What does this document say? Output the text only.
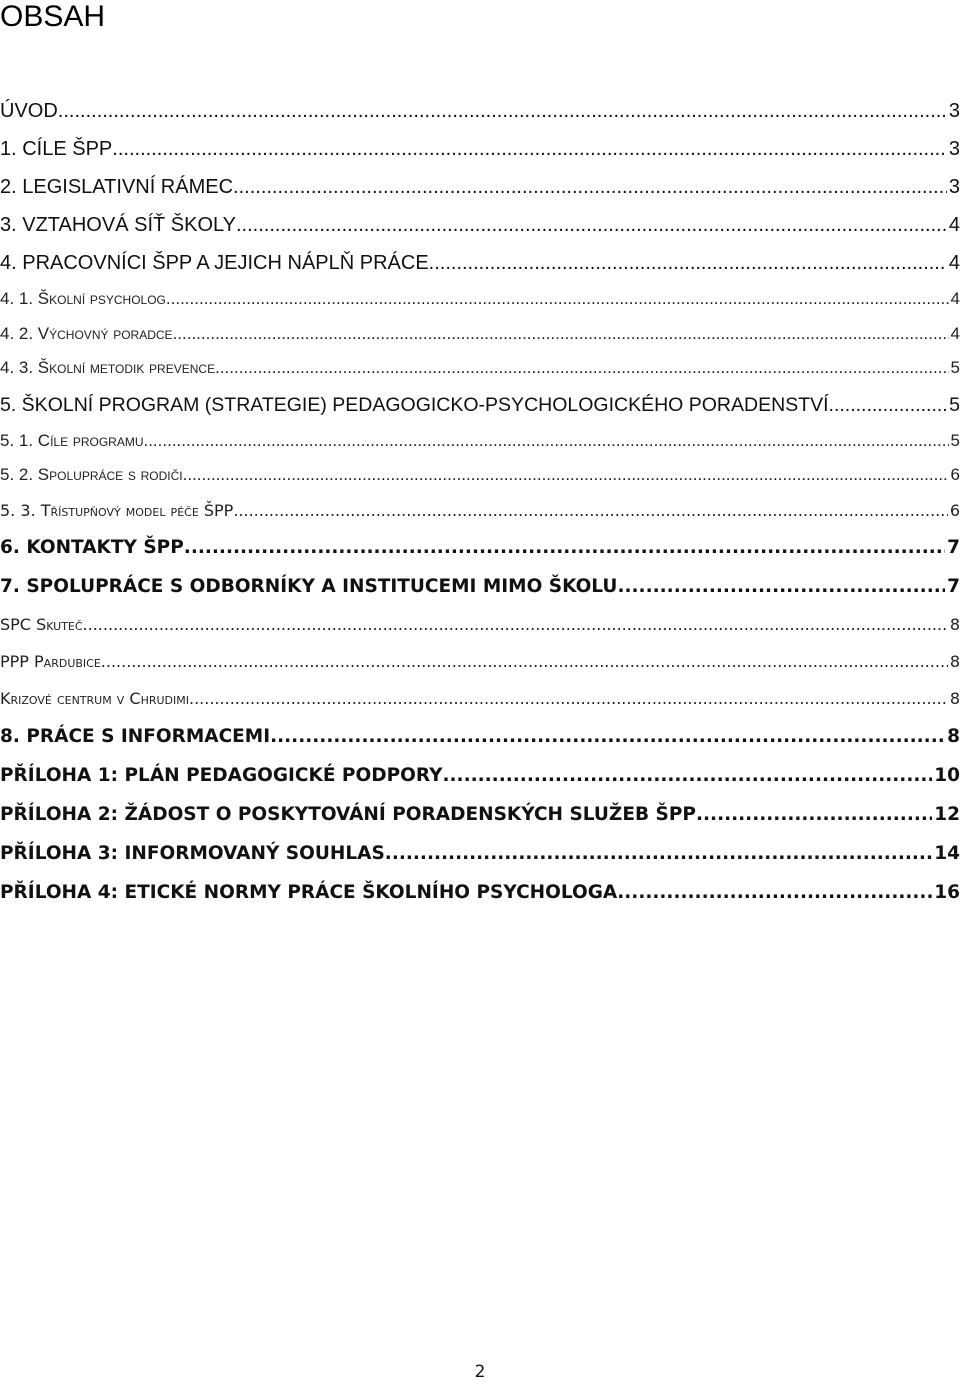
OBSAH
ÚVOD .....	3
1. CÍLE ŠPP .....	3
2. LEGISLATIVNÍ RÁMEC .....	3
3. VZTAHOVÁ SÍŤ ŠKOLY .....	4
4. PRACOVNÍCI ŠPP A JEJICH NÁPLŇ PRÁCE .....	4
4. 1. Školní psycholog .....	4
4. 2. Výchovný poradce .....	4
4. 3. Školní metodik prevence .....	5
5. ŠKOLNÍ PROGRAM (STRATEGIE) PEDAGOGICKO-PSYCHOLOGICKÉHO PORADENSTVÍ .....	5
5. 1. Cíle programu .....	5
5. 2. Spolupráce s rodiči .....	6
5. 3. Třístupňový model péče ŠPP .....	6
6. KONTAKTY ŠPP .....	7
7. SPOLUPRÁCE S ODBORNÍKY A INSTITUCEMI MIMO ŠKOLU .....	7
SPC Skuteč .....	8
PPP Pardubice .....	8
Krizové centrum v Chrudimi .....	8
8. PRÁCE S INFORMACEMI .....	8
PŘÍLOHA 1: PLÁN PEDAGOGICKÉ PODPORY .....	10
PŘÍLOHA 2: ŽÁDOST O POSKYTOVÁNÍ PORADENSKÝCH SLUŽEB ŠPP .....	12
PŘÍLOHA 3: INFORMOVANÝ SOUHLAS .....	14
PŘÍLOHA 4: ETICKÉ NORMY PRÁCE ŠKOLNÍHO PSYCHOLOGA .....	16
2
